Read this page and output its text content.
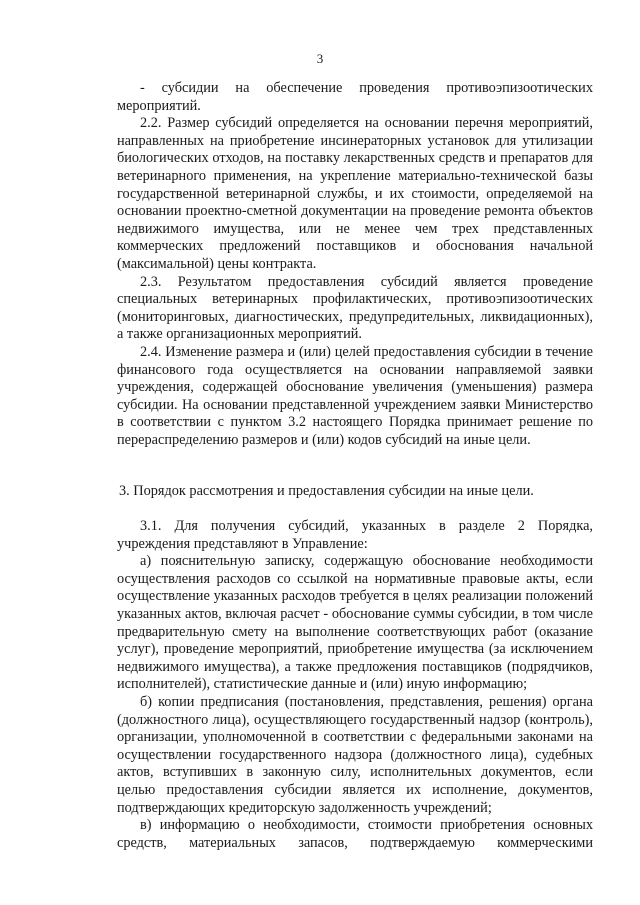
3

- субсидии на обеспечение проведения противоэпизоотических мероприятий.

2.2. Размер субсидий определяется на основании перечня мероприятий, направленных на приобретение инсинераторных установок для утилизации биологических отходов, на поставку лекарственных средств и препаратов для ветеринарного применения, на укрепление материально-технической базы государственной ветеринарной службы, и их стоимости, определяемой на основании проектно-сметной документации на проведение ремонта объектов недвижимого имущества, или не менее чем трех представленных коммерческих предложений поставщиков и обоснования начальной (максимальной) цены контракта.

2.3. Результатом предоставления субсидий является проведение специальных ветеринарных профилактических, противоэпизоотических (мониторинговых, диагностических, предупредительных, ликвидационных), а также организационных мероприятий.

2.4. Изменение размера и (или) целей предоставления субсидии в течение финансового года осуществляется на основании направляемой заявки учреждения, содержащей обоснование увеличения (уменьшения) размера субсидии. На основании представленной учреждением заявки Министерство в соответствии с пунктом 3.2 настоящего Порядка принимает решение по перераспределению размеров и (или) кодов субсидий на иные цели.

3. Порядок рассмотрения и предоставления субсидии на иные цели.

3.1. Для получения субсидий, указанных в разделе 2 Порядка, учреждения представляют в Управление:

а) пояснительную записку, содержащую обоснование необходимости осуществления расходов со ссылкой на нормативные правовые акты, если осуществление указанных расходов требуется в целях реализации положений указанных актов, включая расчет - обоснование суммы субсидии, в том числе предварительную смету на выполнение соответствующих работ (оказание услуг), проведение мероприятий, приобретение имущества (за исключением недвижимого имущества), а также предложения поставщиков (подрядчиков, исполнителей), статистические данные и (или) иную информацию;

б) копии предписания (постановления, представления, решения) органа (должностного лица), осуществляющего государственный надзор (контроль), организации, уполномоченной в соответствии с федеральными законами на осуществлении государственного надзора (должностного лица), судебных актов, вступивших в законную силу, исполнительных документов, если целью предоставления субсидии является их исполнение, документов, подтверждающих кредиторскую задолженность учреждений;

в) информацию о необходимости, стоимости приобретения основных средств, материальных запасов, подтверждаемую коммерческими
